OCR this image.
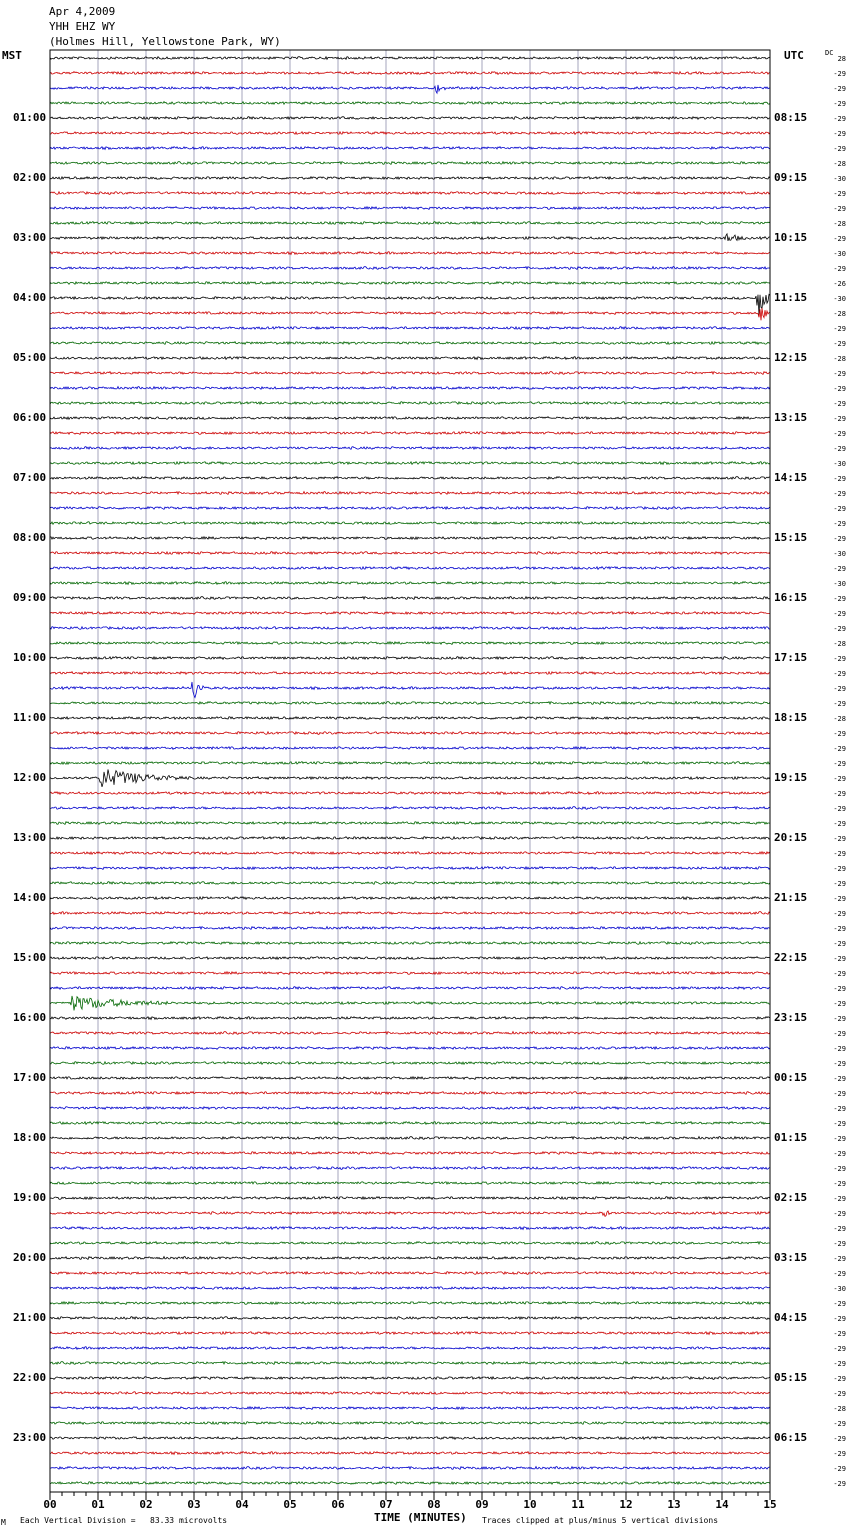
00	01	02	03	04	05	06	07	08	09	10	11	12	13	14	15
28
-29
-29
-29
-29
-29
-29
-28
-30
-29
-29
-28
-29
-30
-29
-26
-30
-28
-29
-29
-28
-29
-29
-29
-29
-29
-29
-30
-29
-29
-29
-29
-29
-30
-29
-30
-29
-29
-29
-28
-29
-29
-29
-29
-28
-29
-29
-29
-29
-29
-29
-29
-29
-29
-29
-29
-29
-29
-29
-29
-29
-29
-29
-29
-29
-29
-29
-29
-29
-29
-29
-29
-29
-29
-29
-29
-29
-29
-29
-29
-29
-29
-30
-29
-29
-29
-29
-29
-29
-29
-28
-29
-29
-29
-29
-29
Apr 4,2009
YHH EHZ WY
(Holmes Hill, Yellowstone Park, WY)
MST	UTC	DC
01:00
02:00
03:00
04:00
05:00
06:00
07:00
08:00
09:00
10:00
11:00
12:00
13:00
14:00
15:00
16:00
17:00
18:00
19:00
20:00
21:00
22:00
23:00
08:15
09:15
10:15
11:15
12:15
13:15
14:15
15:15
16:15
17:15
18:15
19:15
20:15
21:15
22:15
23:15
00:15
01:15
02:15
03:15
04:15
05:15
06:15
TIME (MINUTES)
M Each Vertical Division =   83.33 microvolts	Traces clipped at plus/minus 5 vertical divisions
